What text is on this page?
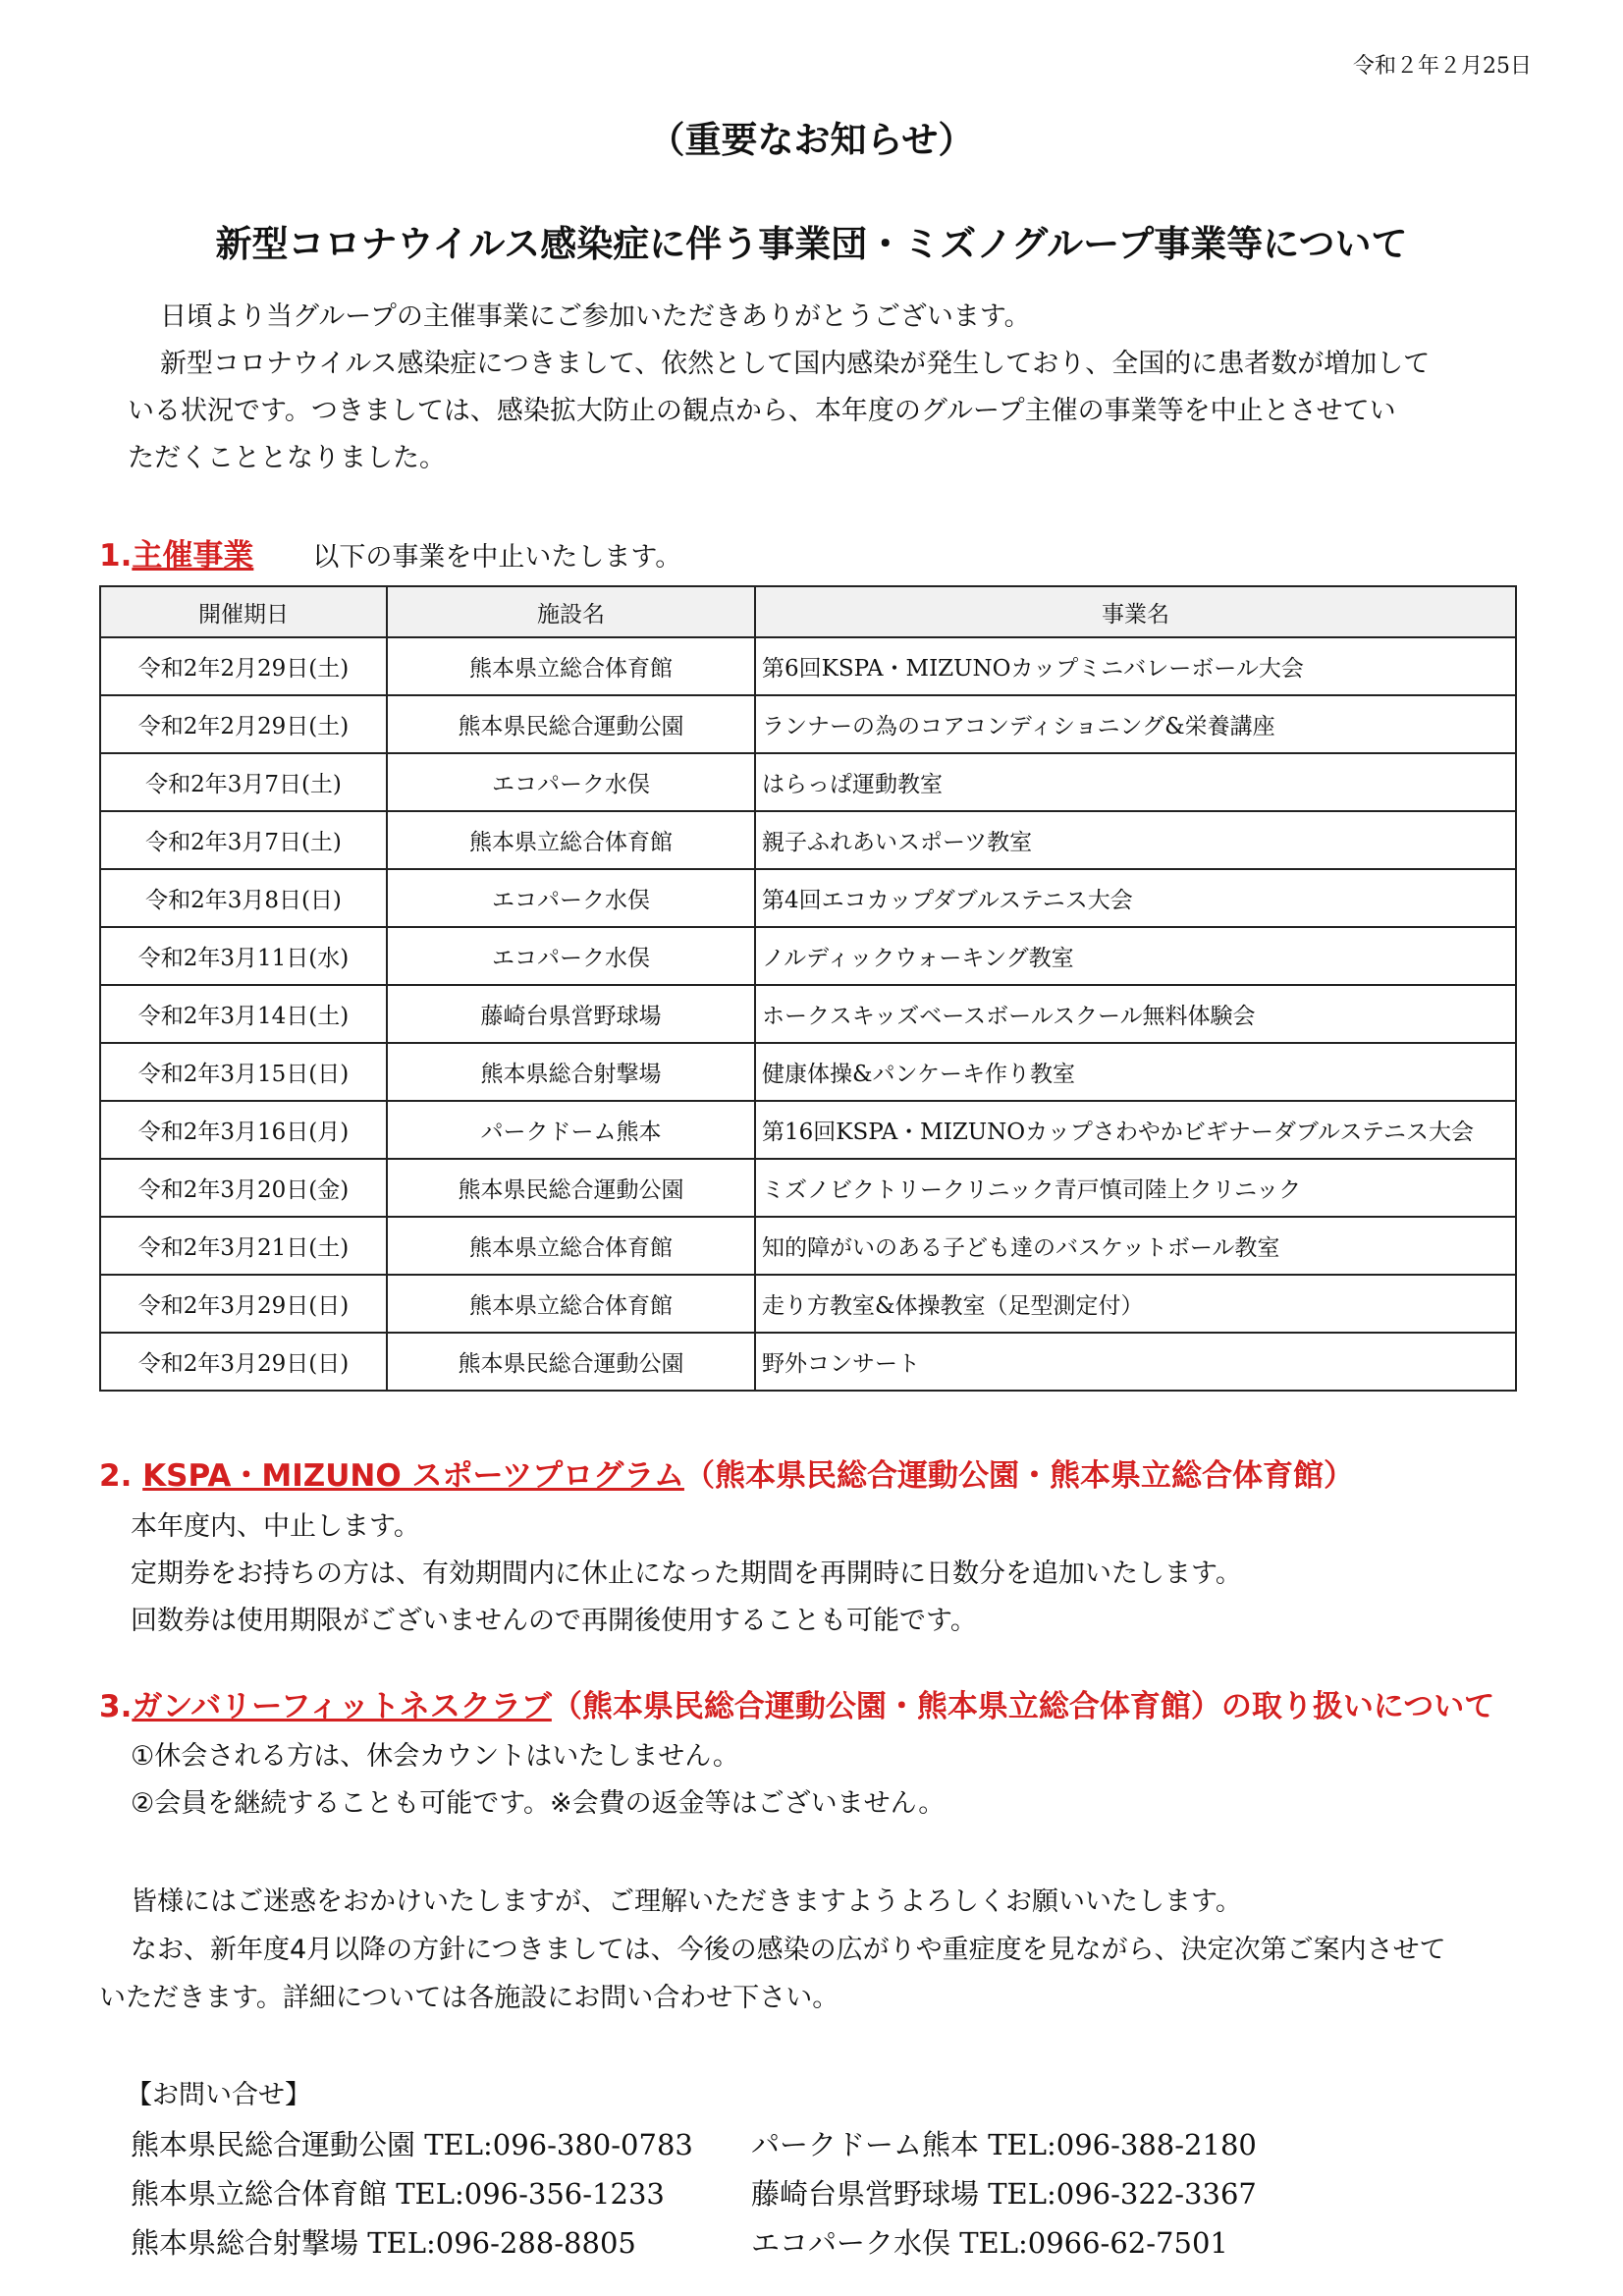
令和２年２月25日
（重要なお知らせ）
新型コロナウイルス感染症に伴う事業団・ミズノグループ事業等について
日頃より当グループの主催事業にご参加いただきありがとうございます。
新型コロナウイルス感染症につきまして、依然として国内感染が発生しており、全国的に患者数が増加して
いる状況です。つきましては、感染拡大防止の観点から、本年度のグループ主催の事業等を中止とさせてい
ただくこととなりました。
1.主催事業 以下の事業を中止いたします。
開催期日	施設名	事業名
令和2年2月29日(土)	熊本県立総合体育館	第6回KSPA・MIZUNOカップミニバレーボール大会
令和2年2月29日(土)	熊本県民総合運動公園	ランナーの為のコアコンディショニング&栄養講座
令和2年3月7日(土)	エコパーク水俣	はらっぱ運動教室
令和2年3月7日(土)	熊本県立総合体育館	親子ふれあいスポーツ教室
令和2年3月8日(日)	エコパーク水俣	第4回エコカップダブルステニス大会
令和2年3月11日(水)	エコパーク水俣	ノルディックウォーキング教室
令和2年3月14日(土)	藤崎台県営野球場	ホークスキッズベースボールスクール無料体験会
令和2年3月15日(日)	熊本県総合射撃場	健康体操&パンケーキ作り教室
令和2年3月16日(月)	パークドーム熊本	第16回KSPA・MIZUNOカップさわやかビギナーダブルステニス大会
令和2年3月20日(金)	熊本県民総合運動公園	ミズノビクトリークリニック青戸慎司陸上クリニック
令和2年3月21日(土)	熊本県立総合体育館	知的障がいのある子ども達のバスケットボール教室
令和2年3月29日(日)	熊本県立総合体育館	走り方教室&体操教室（足型測定付）
令和2年3月29日(日)	熊本県民総合運動公園	野外コンサート
2. KSPA・MIZUNO スポーツプログラム（熊本県民総合運動公園・熊本県立総合体育館）
本年度内、中止します。
定期券をお持ちの方は、有効期間内に休止になった期間を再開時に日数分を追加いたします。
回数券は使用期限がございませんので再開後使用することも可能です。
3.ガンバリーフィットネスクラブ（熊本県民総合運動公園・熊本県立総合体育館）の取り扱いについて
①休会される方は、休会カウントはいたしません。
②会員を継続することも可能です。※会費の返金等はございません。
皆様にはご迷惑をおかけいたしますが、ご理解いただきますようよろしくお願いいたします。
なお、新年度4月以降の方針につきましては、今後の感染の広がりや重症度を見ながら、決定次第ご案内させて
いただきます。詳細については各施設にお問い合わせ下さい。
【お問い合せ】
熊本県民総合運動公園 TEL:096-380-0783 パークドーム熊本 TEL:096-388-2180
熊本県立総合体育館 TEL:096-356-1233	藤崎台県営野球場 TEL:096-322-3367
熊本県総合射撃場 TEL:096-288-8805	エコパーク水俣 TEL:0966-62-7501
